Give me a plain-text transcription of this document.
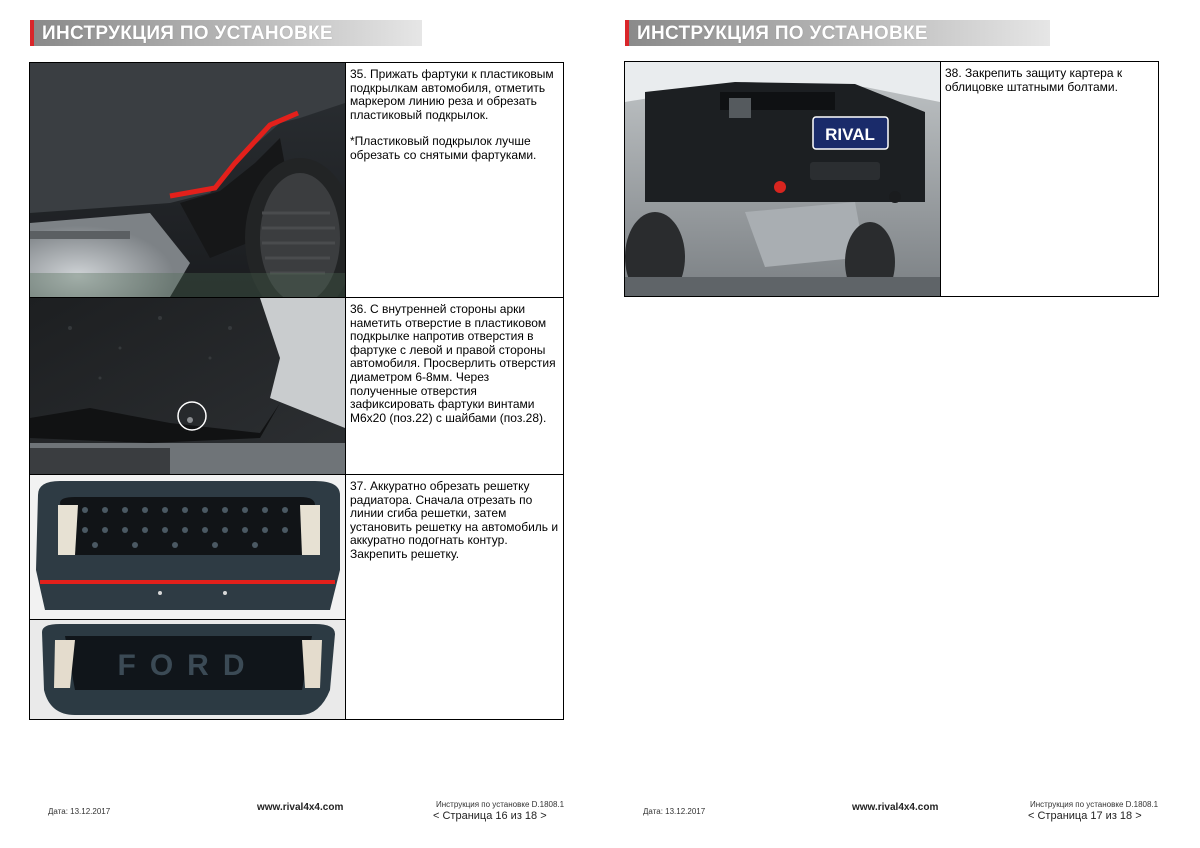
ИНСТРУКЦИЯ ПО УСТАНОВКЕ

35. Прижать фартуки к пластиковым подкрылкам автомобиля, отметить маркером линию реза и обрезать пластиковый подкрылок.
*Пластиковый подкрылок лучше обрезать со снятыми фартуками.

36. С внутренней стороны арки наметить отверстие в пластиковом подкрылке напротив отверстия в фартуке с левой и правой стороны автомобиля. Просверлить отверстия диаметром 6-8мм. Через полученные отверстия зафиксировать фартуки винтами М6х20 (поз.22) с шайбами (поз.28).

FORD	37. Аккуратно обрезать решетку радиатора. Сначала отрезать по линии сгиба решетки, затем установить решетку на автомобиль и аккуратно подогнать контур. Закрепить решетку.
Дата: 13.12.2017	www.rival4x4.com	Инструкция по установке D.1808.1
< Страница 16 из 18 >
ИНСТРУКЦИЯ ПО УСТАНОВКЕ
RIVAL

38. Закрепить защиту картера к облицовке штатными болтами.
Дата: 13.12.2017	www.rival4x4.com	Инструкция по установке D.1808.1
< Страница 17 из 18 >
